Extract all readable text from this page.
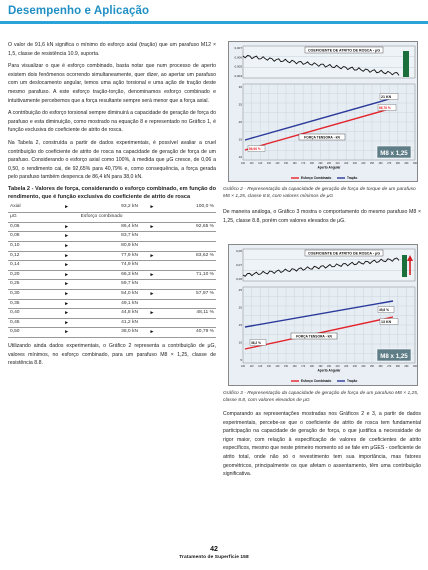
Desempenho e Aplicação

O valor de 91,6 kN significa o mínimo do esforço axial (tração) que um parafuso M12 × 1,5, classe de resistência 10.9, suporta.

Para visualizar o que é esforço combinado, basta notar que num processo de aperto existem dois fenômenos ocorrendo simultaneamente, quer dizer, ao apertar um parafuso com um deslocamento angular, temos uma ação torsional e uma ação de tração deste mesmo parafuso. A este esforço tração-torção, denominamos esforço combinado e intuitivamente percebemos que a força resultante sempre será menor que a força axial.

A contribuição do esforço torsional sempre diminuirá a capacidade de geração de força do parafuso e esta diminuição, como mostrado na equação 8 e representado no Gráfico 1, é função exclusiva do coeficiente de atrito de rosca.

Na Tabela 2, construída a partir de dados experimentais, é possível avaliar a cruel contribuição do coeficiente de atrito de rosca na capacidade de geração de força de um parafuso. Considerando o esforço axial como 100%, à medida que μG cresce, de 0,06 a 0,50, o rendimento cai, de 92,65% para 40,79% e, como consequência, a força gerada pelo parafuso também despenca de 86,4 kN para 38,0 kN.

Tabela 2 - Valores de força, considerando o esforço combinado, em função do rendimento, que é função exclusiva do coeficiente de atrito de rosca

Axial	►	93,2 kN	►	100,0 %
μG	Esforço combinado			
0,06	►	86,4 kN	►	92,65 %
0,08	►	83,7 kN		
0,10	►	80,9 kN		
0,12	►	77,9 kN	►	83,62 %
0,14	►	74,9 kN		
0,20	►	66,3 kN	►	71,10 %
0,25	►	59,7 kN		
0,30	►	54,0 kN	►	57,97 %
0,35	►	49,1 kN		
0,40	►	44,8 kN	►	48,11 %
0,45	►	41,2 kN		
0,50	►	38,0 kN	►	40,79 %

Utilizando ainda dados experimentais, o Gráfico 2 representa a contribuição de μG, valores mínimos, no esforço combinado, para um parafuso M8 × 1,25, classe de resistência 8.8.

0,007
0,006
0,005
0,004
COEFICIENTE DE ATRITO DE ROSCA - μG
30
25
20
15
10
100 110 120 130 140 150 160 170 180 190 200 210 220 230 240 250 260 270 280 290 300
Aperto Angular
FORÇA TENSORA - kN
21 KN
86,76 %
86,96 %
M8 x 1,25
Esforço Combinado	Tração
Gráfico 2 - Representação da capacidade de geração de força de torque de um parafuso M8 × 1,25, classe 8.8, com valores mínimos de μG

De maneira análoga, o Gráfico 3 mostra o comportamento do mesmo parafuso M8 × 1,25, classe 8.8, porém com valores elevados de μG.

0,06
0,07
0,06
COEFICIENTE DE ATRITO DE ROSCA - μG
25
20
15
10
5
100 110 120 130 140 150 160 170 180 190 200 210 220 230 240 250 260 270 280 290 300
Aperto Angular
FORÇA TENSORA - kN
13 KN
49,8 %
36,2 %
M8 x 1,25
Esforço Combinado	Tração
Gráfico 3 - Representação da capacidade de geração de força de um parafuso M8 × 1,25, classe 8.8, com valores elevados de μG

Comparando as representações mostradas nos Gráficos 2 e 3, a partir de dados experimentais, percebe-se que o coeficiente de atrito de rosca tem fundamental participação na capacidade de geração de força, o que justifica a necessidade de rigor maior, com relação à especificação de valores de coeficientes de atrito específicos, mesmo que neste primeiro momento só se fale em μGES - coeficiente de atrito total, onde não só o revestimento tem sua importância, mas fatores geométricos, principalmente os que afetam o assentamento, têm uma contribuição significativa.

42
Tratamento de Superfície 158
